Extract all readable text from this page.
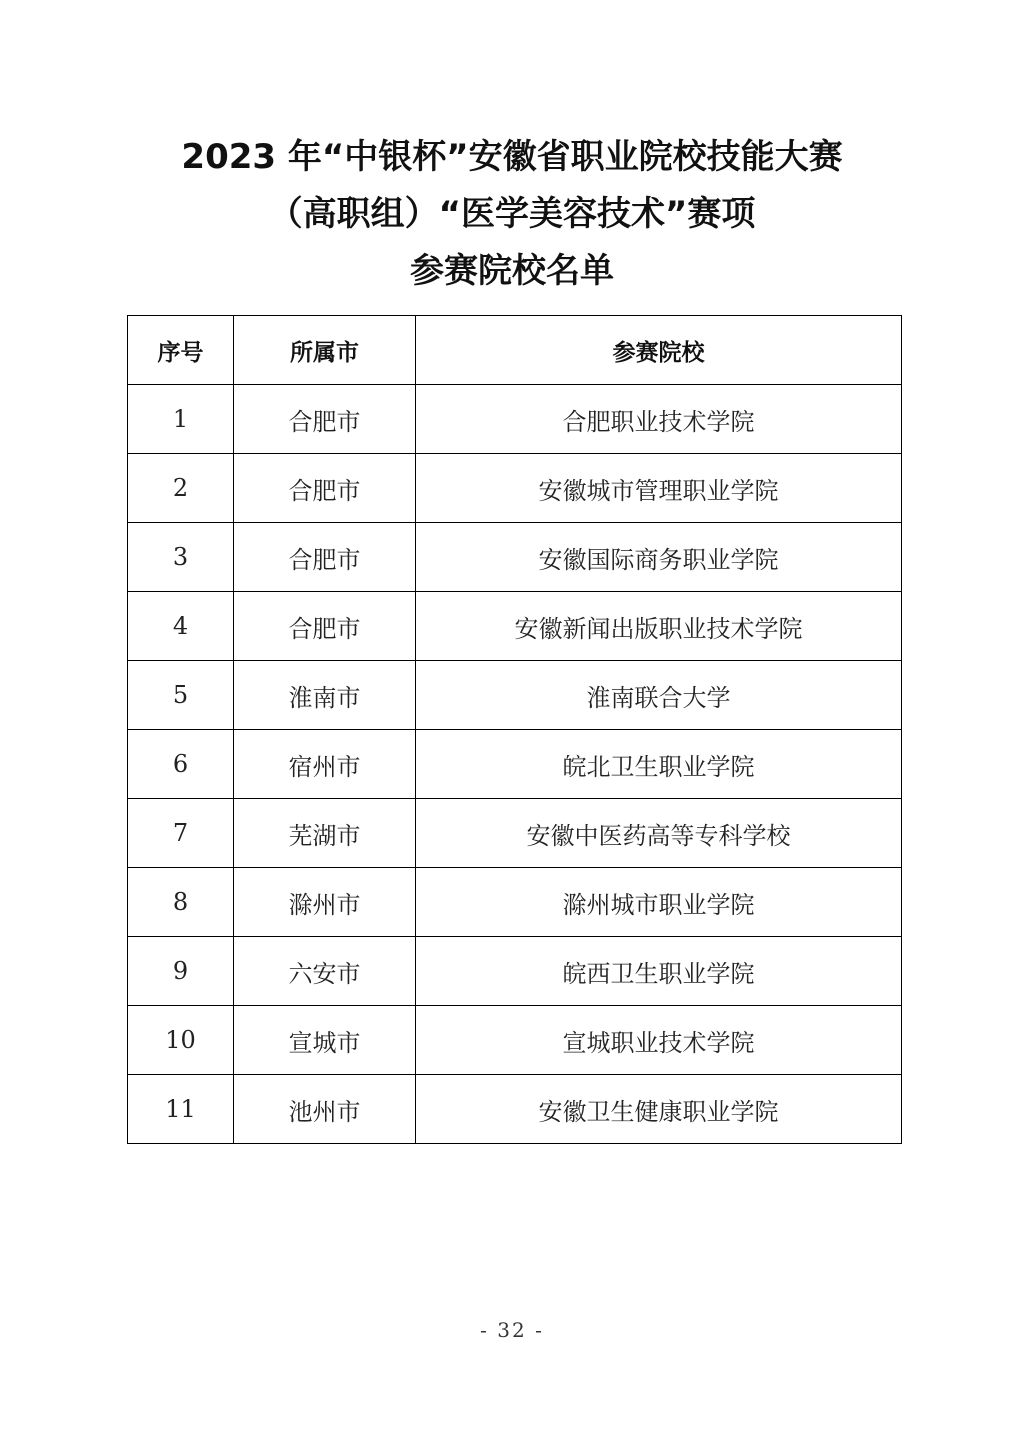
2023 年“中银杯”安徽省职业院校技能大赛
（高职组）“医学美容技术”赛项
参赛院校名单
序号	所属市	参赛院校
1	合肥市	合肥职业技术学院
2	合肥市	安徽城市管理职业学院
3	合肥市	安徽国际商务职业学院
4	合肥市	安徽新闻出版职业技术学院
5	淮南市	淮南联合大学
6	宿州市	皖北卫生职业学院
7	芜湖市	安徽中医药高等专科学校
8	滁州市	滁州城市职业学院
9	六安市	皖西卫生职业学院
10	宣城市	宣城职业技术学院
11	池州市	安徽卫生健康职业学院
- 32 -
